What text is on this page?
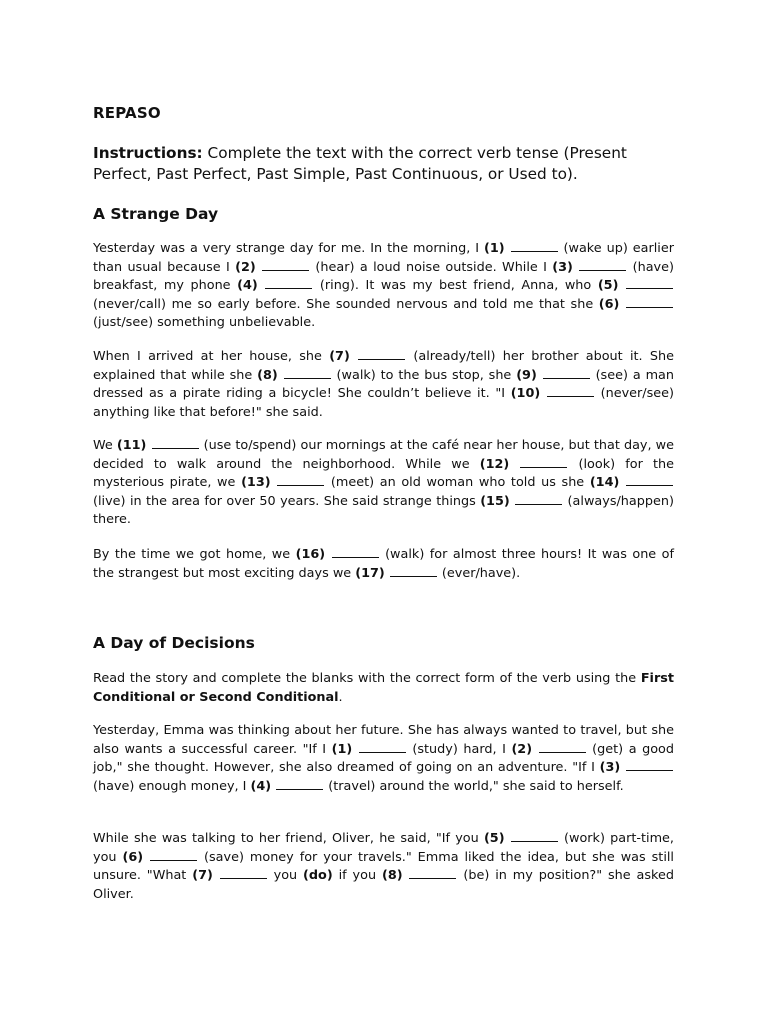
REPASO
Instructions: Complete the text with the correct verb tense (Present Perfect, Past Perfect, Past Simple, Past Continuous, or Used to).
A Strange Day
Yesterday was a very strange day for me. In the morning, I (1)	(wake up) earlier than usual because I (2)	(hear) a loud noise outside. While I (3)	(have) breakfast, my phone (4)	(ring). It was my best friend, Anna, who (5)  (never/call) me so early before. She sounded nervous and told me that she (6)  (just/see) something unbelievable.
When I arrived at her house, she (7)	(already/tell) her brother about it. She explained that while she (8)	(walk) to the bus stop, she (9)	(see) a man dressed as a pirate riding a bicycle! She couldn’t believe it. "I (10)	(never/see) anything like that before!" she said.
We (11)	(use to/spend) our mornings at the café near her house, but that day, we decided to walk around the neighborhood. While we (12)	(look) for the mysterious pirate, we (13)	(meet) an old woman who told us she (14)  (live) in the area for over 50 years. She said strange things (15)	(always/happen) there.
By the time we got home, we (16)	(walk) for almost three hours! It was one of the strangest but most exciting days we (17)	(ever/have).
A Day of Decisions
Read the story and complete the blanks with the correct form of the verb using the First Conditional or Second Conditional.
Yesterday, Emma was thinking about her future. She has always wanted to travel, but she also wants a successful career. "If I (1)	(study) hard, I (2)	(get) a good job," she thought. However, she also dreamed of going on an adventure. "If I (3)  (have) enough money, I (4)	(travel) around the world," she said to herself.
While she was talking to her friend, Oliver, he said, "If you (5)	(work) part-time, you (6)	(save) money for your travels." Emma liked the idea, but she was still unsure. "What (7)	you (do) if you (8)	(be) in my position?" she asked Oliver.
